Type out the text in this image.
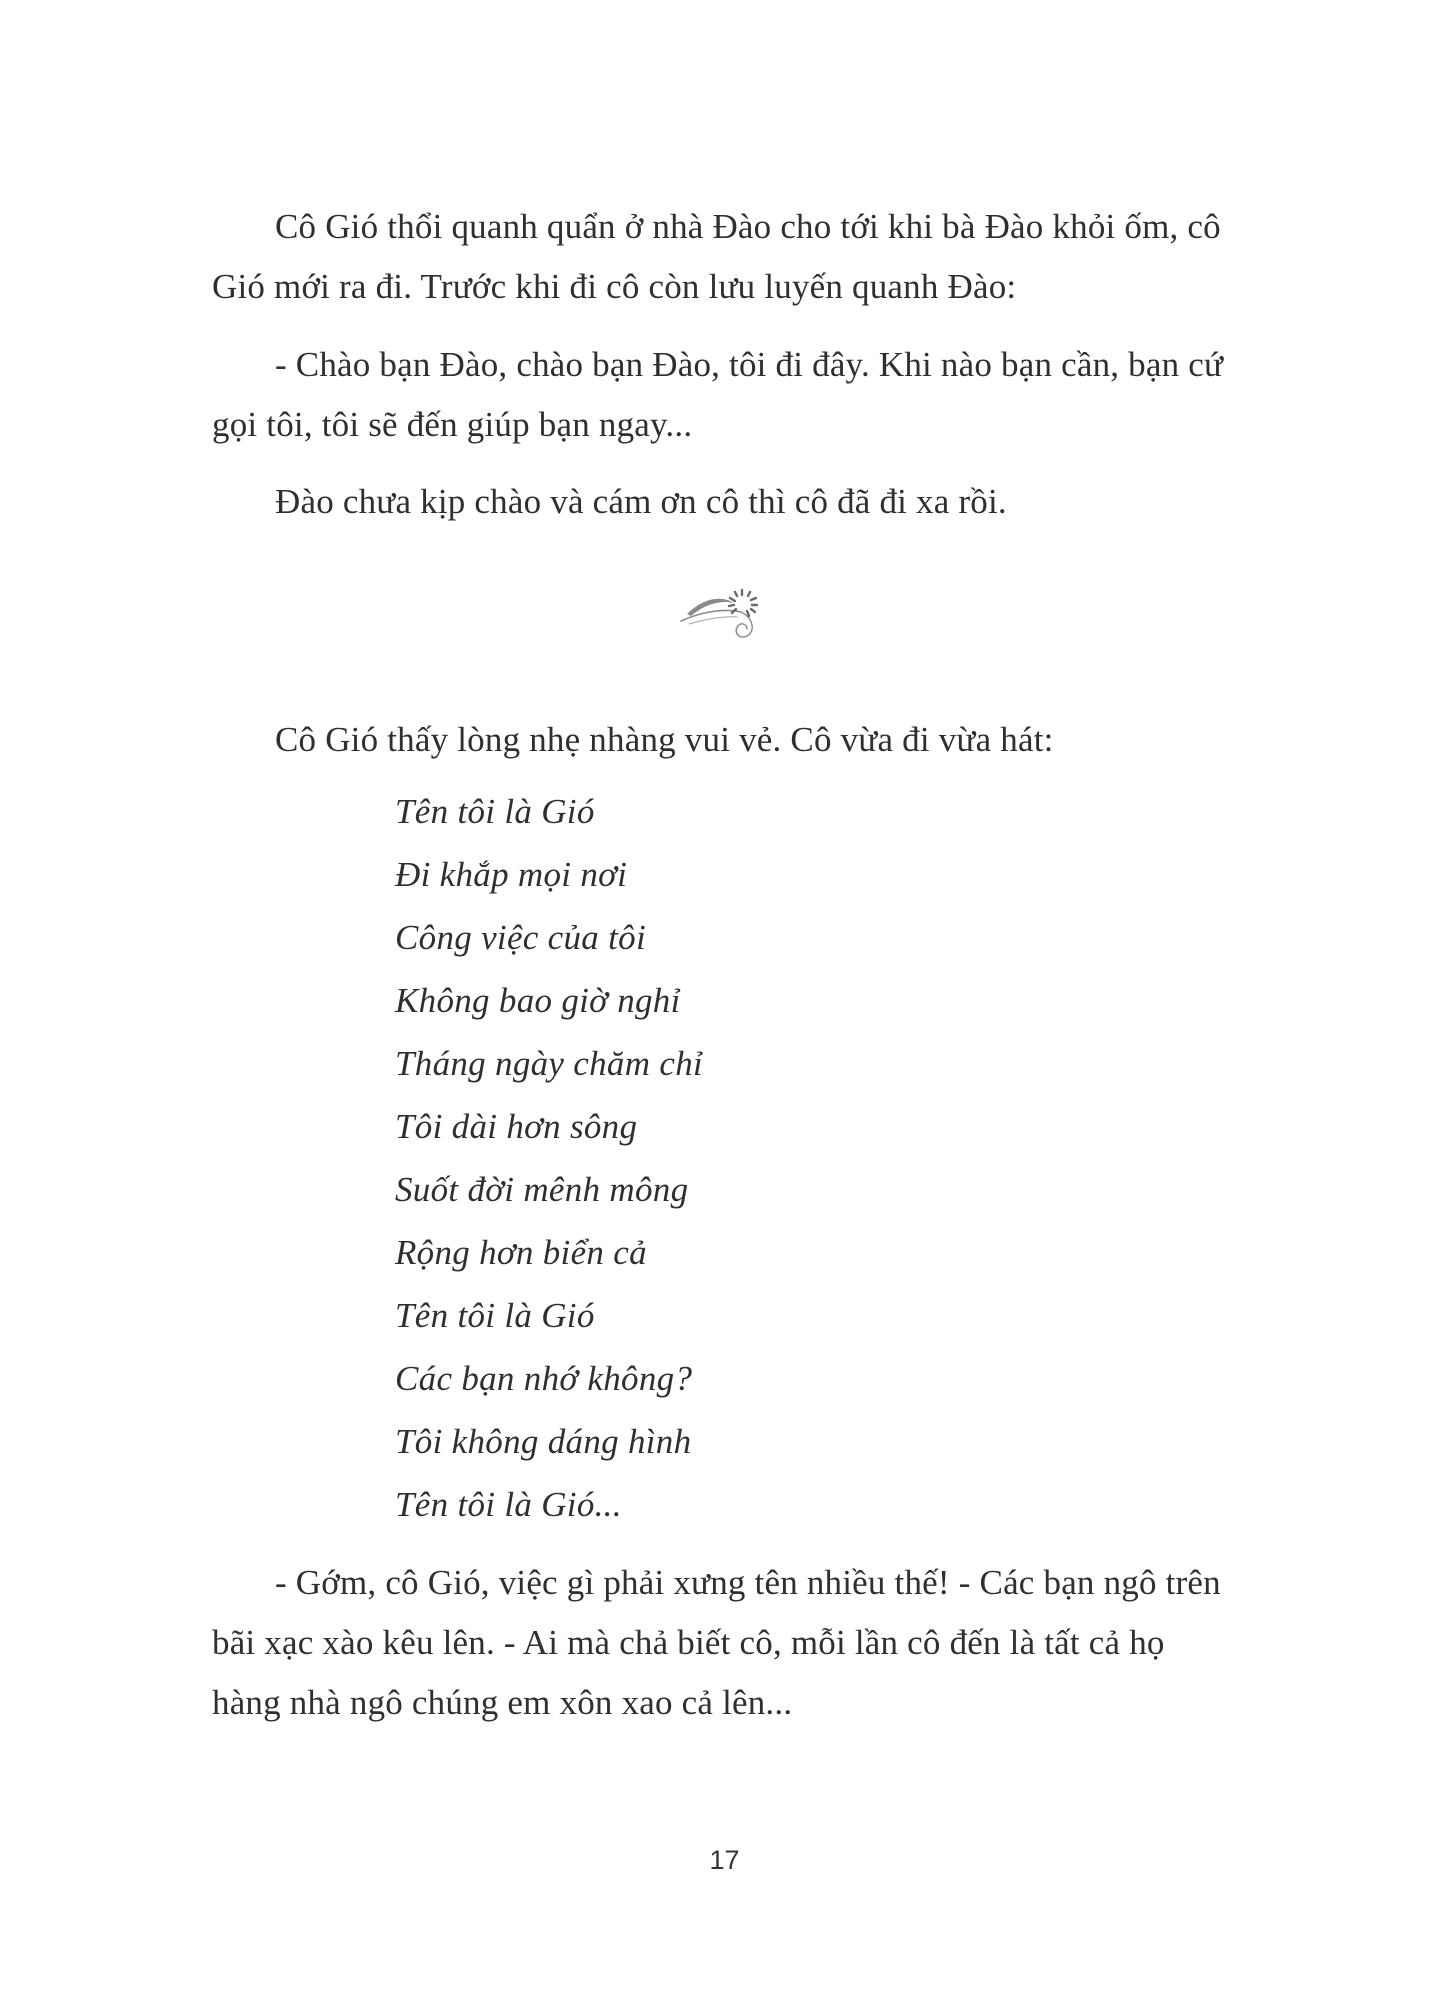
Cô Gió thổi quanh quẩn ở nhà Đào cho tới khi bà Đào khỏi ốm, cô
Gió mới ra đi. Trước khi đi cô còn lưu luyến quanh Đào:
- Chào bạn Đào, chào bạn Đào, tôi đi đây. Khi nào bạn cần, bạn cứ
gọi tôi, tôi sẽ đến giúp bạn ngay...
Đào chưa kịp chào và cám ơn cô thì cô đã đi xa rồi.
Cô Gió thấy lòng nhẹ nhàng vui vẻ. Cô vừa đi vừa hát:
Tên tôi là Gió
Đi khắp mọi nơi
Công việc của tôi
Không bao giờ nghỉ
Tháng ngày chăm chỉ
Tôi dài hơn sông
Suốt đời mênh mông
Rộng hơn biển cả
Tên tôi là Gió
Các bạn nhớ không?
Tôi không dáng hình
Tên tôi là Gió...
- Gớm, cô Gió, việc gì phải xưng tên nhiều thế! - Các bạn ngô trên
bãi xạc xào kêu lên. - Ai mà chả biết cô, mỗi lần cô đến là tất cả họ
hàng nhà ngô chúng em xôn xao cả lên...
17
